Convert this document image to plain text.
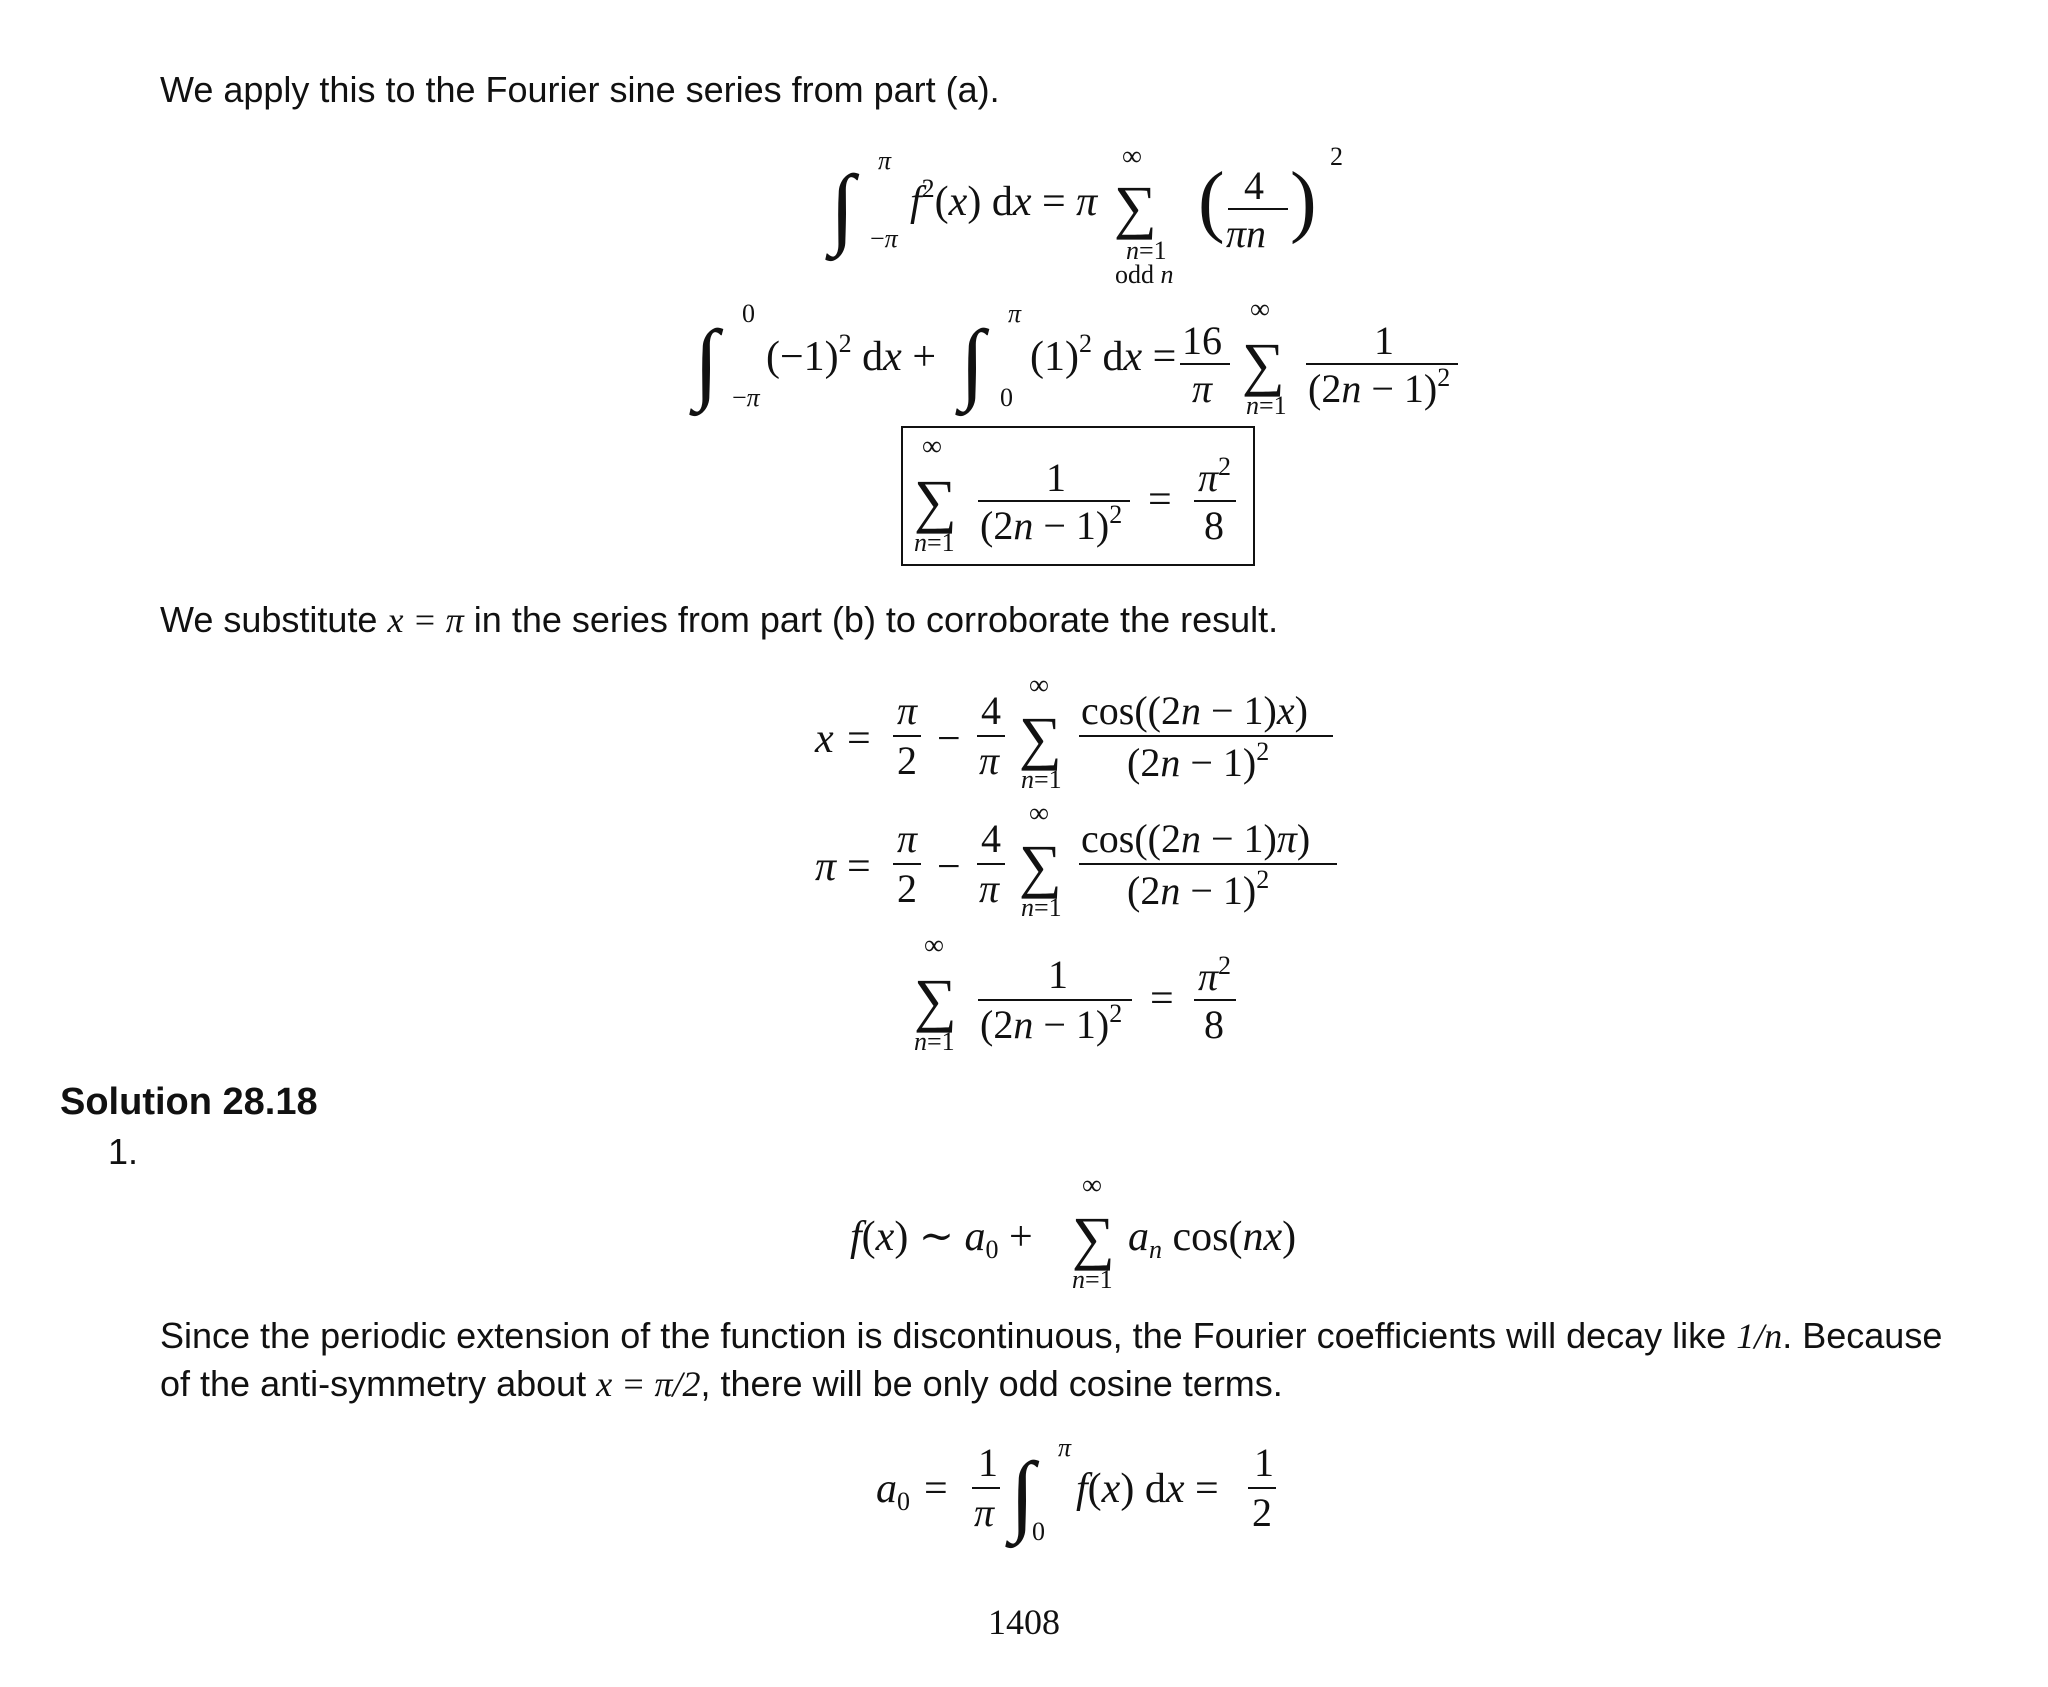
We apply this to the Fourier sine series from part (a).
∫ π
−π
$f^2(x)$ dx = π
∞
∑
n=1
odd n
( 4
πn )
2
∫ 0
−π
$(-1)^2$ dx + ∫ π
0
$(1)^2$ dx = 16
π
∞
∑
n=1
1
$(2n - 1)^2$
∞
∑
n=1
1
$(2n - 1)^2 = \pi^2$
8
We substitute x = π in the series from part (b) to corroborate the result.
x =
π
2 −
4
π
∞
∑
n=1
cos((2n − 1)x)
$(2n - 1)^2$
π =
π
2 −
4
π
∞
∑
n=1
cos((2n − 1)π)
$(2n - 1)^2$
∞
∑
n=1
1
$(2n - 1)^2 = \pi^2$
8
Solution 28.18
1.
f(x) ∼ a0 +
∞
∑
n=1
an cos(nx)
Since the periodic extension of the function is discontinuous, the Fourier coefficients will decay like 1/n. Because
of the anti-symmetry about x = π/2, there will be only odd cosine terms.
a0 =
1
π ∫ π
0
f(x) dx =
1
2
1408
